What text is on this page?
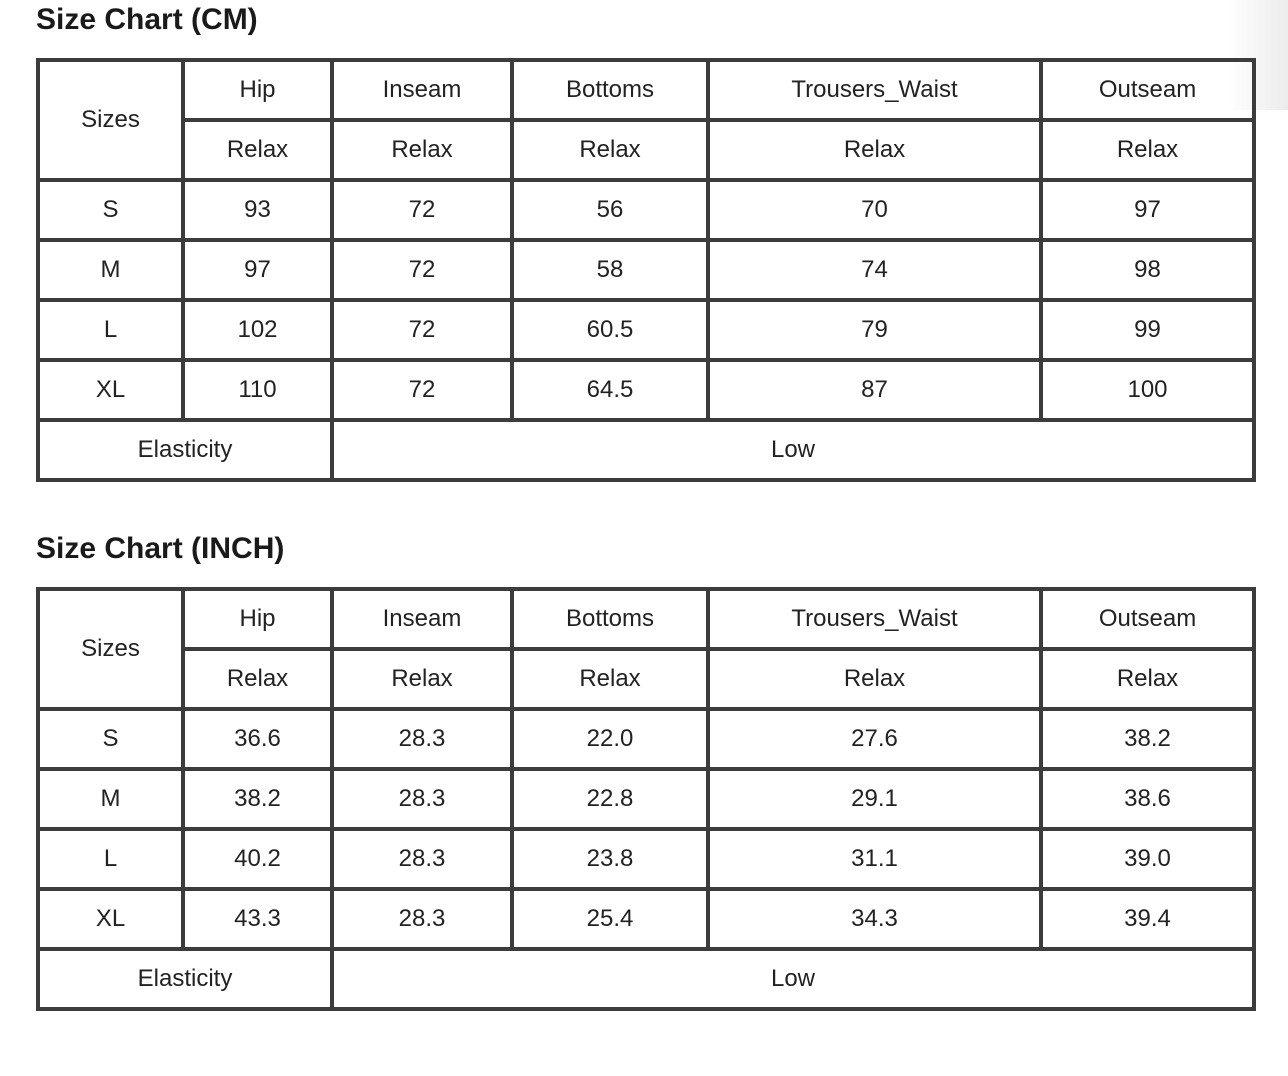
Size Chart (CM)
Sizes	Hip	Inseam	Bottoms	Trousers_Waist	Outseam
	Relax	Relax	Relax	Relax	Relax
S	93	72	56	70	97
M	97	72	58	74	98
L	102	72	60.5	79	99
XL	110	72	64.5	87	100
Elasticity		Low			
Size Chart (INCH)
Sizes	Hip	Inseam	Bottoms	Trousers_Waist	Outseam
	Relax	Relax	Relax	Relax	Relax
S	36.6	28.3	22.0	27.6	38.2
M	38.2	28.3	22.8	29.1	38.6
L	40.2	28.3	23.8	31.1	39.0
XL	43.3	28.3	25.4	34.3	39.4
Elasticity		Low			
